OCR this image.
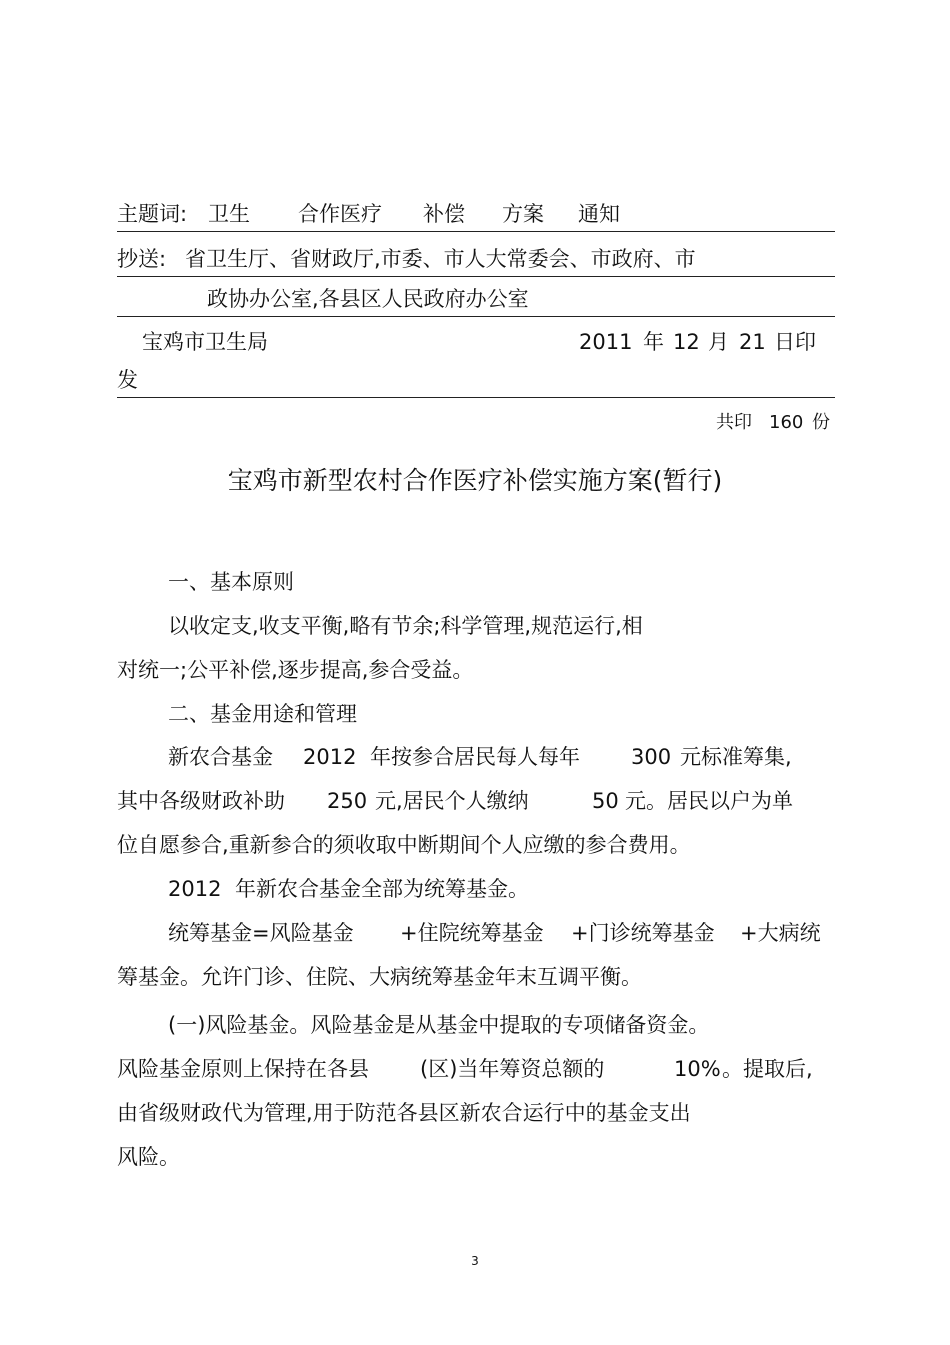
主题词: 卫生 合作医疗 补偿 方案 通知
抄送: 省卫生厅、省财政厅,市委、市人大常委会、市政府、市
政协办公室,各县区人民政府办公室
宝鸡市卫生局	2011 年 12 月 21 日印
发
共印 160 份
宝鸡市新型农村合作医疗补偿实施方案(暂行)
一、基本原则
以收定支,收支平衡,略有节余;科学管理,规范运行,相
对统一;公平补偿,逐步提高,参合受益。
二、基金用途和管理
新农合基金 2012 年按参合居民每人每年 300 元标准筹集,
其中各级财政补助 250 元,居民个人缴纳	50 元。居民以户为单
位自愿参合,重新参合的须收取中断期间个人应缴的参合费用。
2012 年新农合基金全部为统筹基金。
统筹基金=风险基金 +住院统筹基金 +门诊统筹基金 +大病统
筹基金。允许门诊、住院、大病统筹基金年末互调平衡。
(一)风险基金。风险基金是从基金中提取的专项储备资金。
风险基金原则上保持在各县 (区)当年筹资总额的	10% 。提取后,
由省级财政代为管理,用于防范各县区新农合运行中的基金支出
风险。
3
